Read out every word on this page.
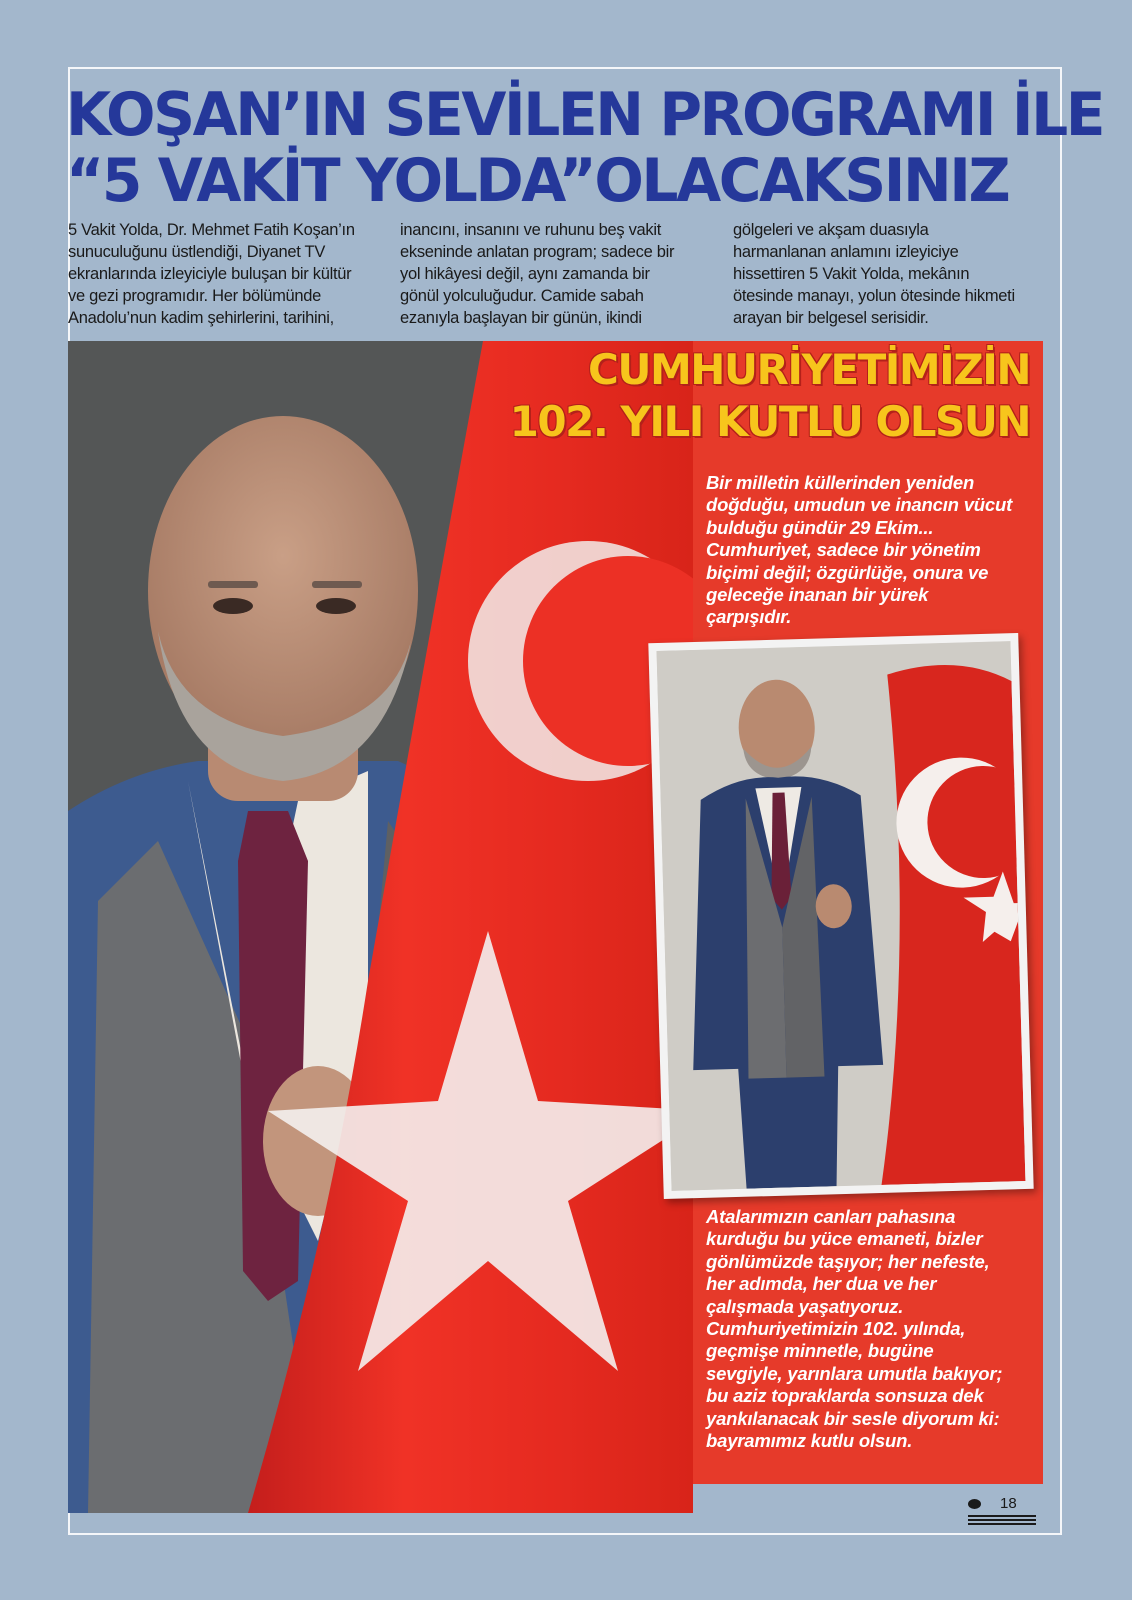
KOŞAN’IN SEVİLEN PROGRAMI İLE
“5 VAKİT YOLDA”OLACAKSINIZ
5 Vakit Yolda, Dr. Mehmet Fatih Koşan’ın
sunuculuğunu üstlendiği, Diyanet TV
ekranlarında izleyiciyle buluşan bir kültür
ve gezi programıdır. Her bölümünde
Anadolu’nun kadim şehirlerini, tarihini,
inancını, insanını ve ruhunu beş vakit
ekseninde anlatan program; sadece bir
yol hikâyesi değil, aynı zamanda bir
gönül yolculuğudur. Camide sabah
ezanıyla başlayan bir günün, ikindi
gölgeleri ve akşam duasıyla
harmanlanan anlamını izleyiciye
hissettiren 5 Vakit Yolda, mekânın
ötesinde manayı, yolun ötesinde hikmeti
arayan bir belgesel serisidir.
CUMHURİYETİMİZİN
102. YILI KUTLU OLSUN
Bir milletin küllerinden yeniden
doğduğu, umudun ve inancın vücut
bulduğu gündür 29 Ekim...
Cumhuriyet, sadece bir yönetim
biçimi değil; özgürlüğe, onura ve
geleceğe inanan bir yürek
çarpışıdır.
Atalarımızın canları pahasına
kurduğu bu yüce emaneti, bizler
gönlümüzde taşıyor; her nefeste,
her adımda, her dua ve her
çalışmada yaşatıyoruz.
Cumhuriyetimizin 102. yılında,
geçmişe minnetle, bugüne
sevgiyle, yarınlara umutla bakıyor;
bu aziz topraklarda sonsuza dek
yankılanacak bir sesle diyorum ki:
bayramımız kutlu olsun.
18
